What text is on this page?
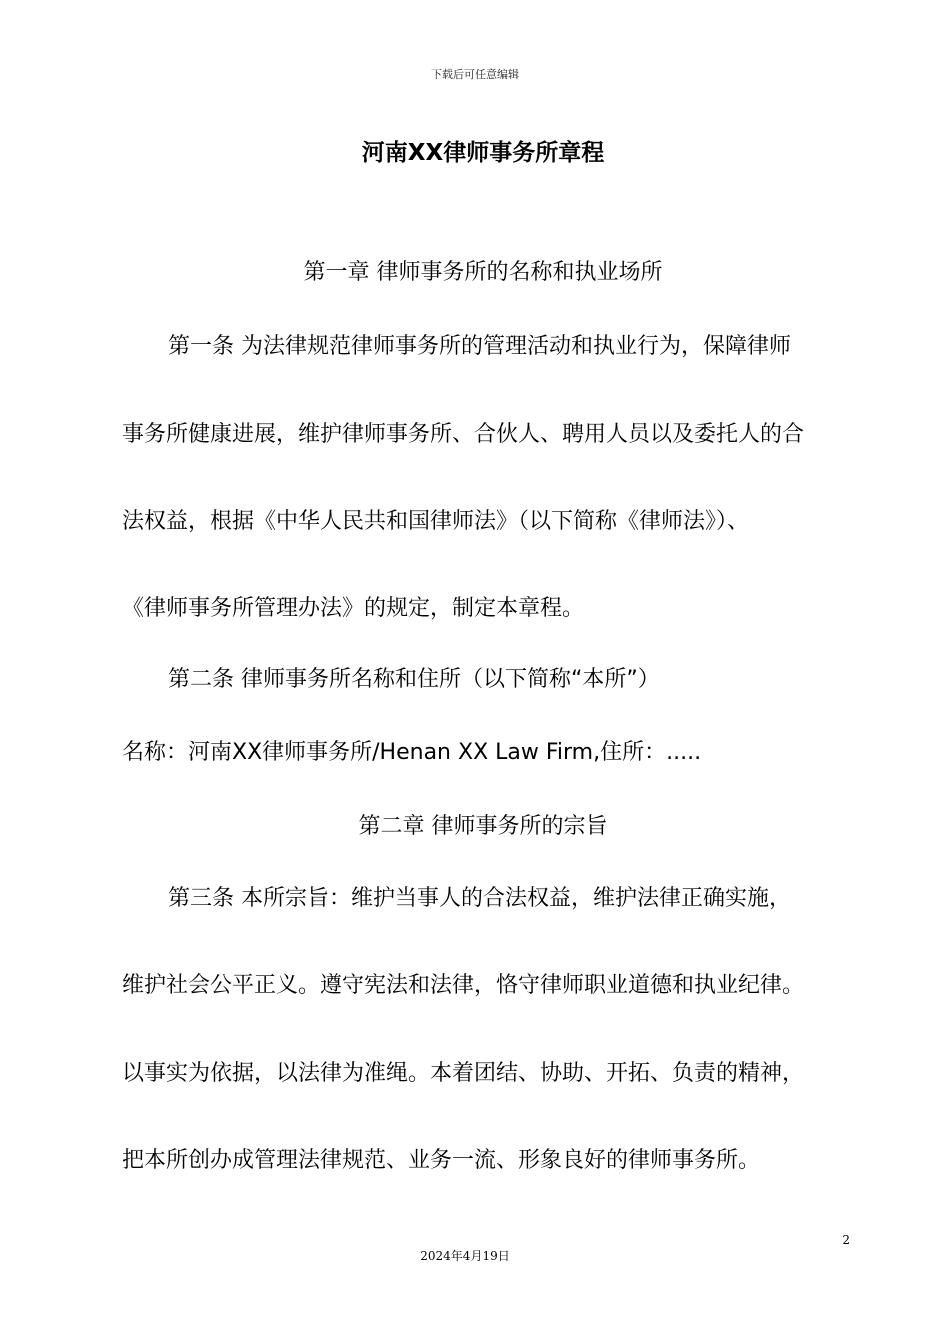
下载后可任意编辑
河南XX律师事务所章程
第一章 律师事务所的名称和执业场所
第一条 为法律规范律师事务所的管理活动和执业行为，保障律师
事务所健康进展，维护律师事务所、合伙人、聘用人员以及委托人的合
法权益，根据《中华人民共和国律师法》（以下简称《律师法》）、
《律师事务所管理办法》的规定，制定本章程。
第二条 律师事务所名称和住所（以下简称“本所”）
名称：河南XX律师事务所/Henan XX Law Firm,住所：.....
第二章 律师事务所的宗旨
第三条 本所宗旨：维护当事人的合法权益，维护法律正确实施，
维护社会公平正义。遵守宪法和法律，恪守律师职业道德和执业纪律。
以事实为依据，以法律为准绳。本着团结、协助、开拓、负责的精神，
把本所创办成管理法律规范、业务一流、形象良好的律师事务所。
2
2024年4月19日
